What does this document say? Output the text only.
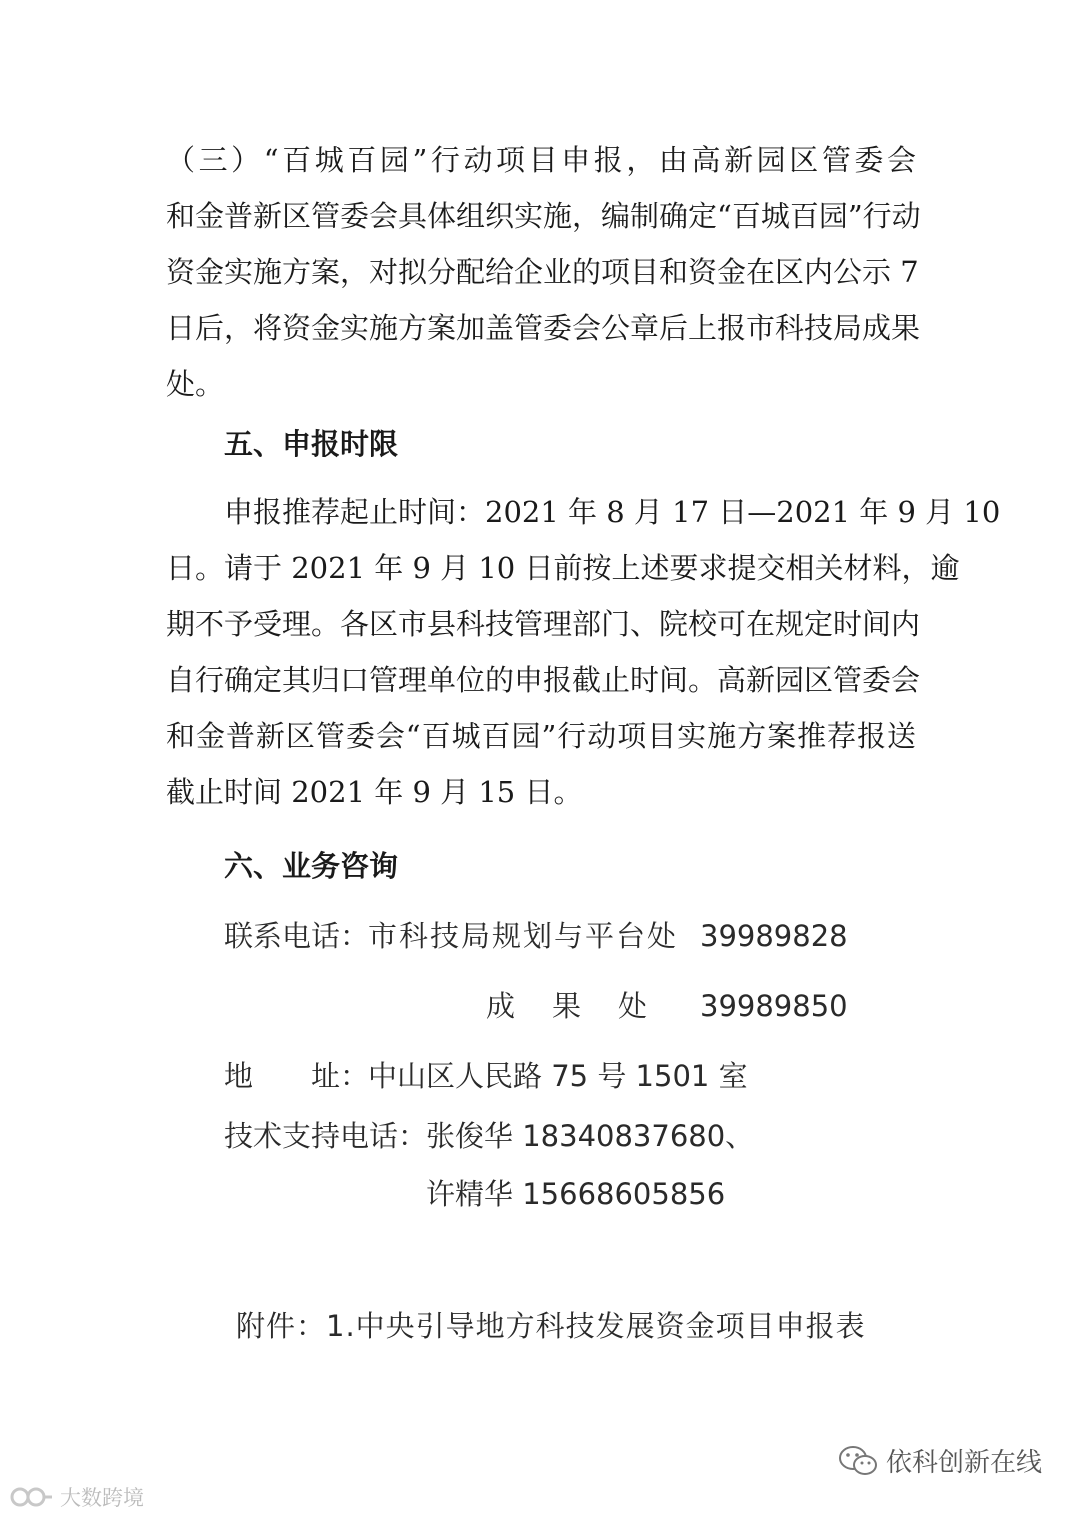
（三）“百城百园”行动项目申报，由高新园区管委会
和金普新区管委会具体组织实施，编制确定“百城百园”行动
资金实施方案，对拟分配给企业的项目和资金在区内公示 7
日后，将资金实施方案加盖管委会公章后上报市科技局成果
处。
五、申报时限
申报推荐起止时间：2021 年 8 月 17 日—2021 年 9 月 10
日。请于 2021 年 9 月 10 日前按上述要求提交相关材料，逾
期不予受理。各区市县科技管理部门、院校可在规定时间内
自行确定其归口管理单位的申报截止时间。高新园区管委会
和金普新区管委会“百城百园”行动项目实施方案推荐报送
截止时间 2021 年 9 月 15 日。
六、业务咨询
联系电话：
市科技局规划与平台处 39989828
成　果　处 39989850
地　　址：
中山区人民路 75 号 1501 室
技术支持电话：
张俊华 18340837680、
许精华 15668605856
附件：1.中央引导地方科技发展资金项目申报表
依科创新在线
大数跨境
